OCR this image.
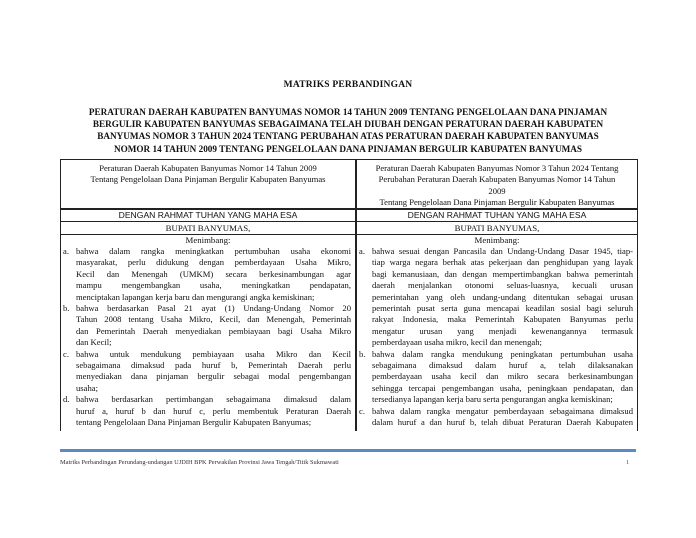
MATRIKS PERBANDINGAN
PERATURAN DAERAH KABUPATEN BANYUMAS NOMOR 14 TAHUN 2009 TENTANG PENGELOLAAN DANA PINJAMAN
BERGULIR KABUPATEN BANYUMAS SEBAGAIMANA TELAH DIUBAH DENGAN PERATURAN DAERAH KABUPATEN
BANYUMAS NOMOR 3 TAHUN 2024 TENTANG PERUBAHAN ATAS PERATURAN DAERAH KABUPATEN BANYUMAS
NOMOR 14 TAHUN 2009 TENTANG PENGELOLAAN DANA PINJAMAN BERGULIR KABUPATEN BANYUMAS
Peraturan Daerah Kabupaten Banyumas Nomor 14 Tahun 2009
Tentang Pengelolaan Dana Pinjaman Bergulir Kabupaten Banyumas
DENGAN RAHMAT TUHAN YANG MAHA ESA
BUPATI BANYUMAS,
Menimbang:
a. bahwa dalam rangka meningkatkan pertumbuhan usaha ekonomi
masyarakat, perlu didukung dengan pemberdayaan Usaha Mikro,
Kecil dan Menengah (UMKM) secara berkesinambungan agar
mampu mengembangkan usaha, meningkatkan pendapatan,
menciptakan lapangan kerja baru dan mengurangi angka kemiskinan;
b. bahwa berdasarkan Pasal 21 ayat (1) Undang-Undang Nomor 20
Tahun 2008 tentang Usaha Mikro, Kecil, dan Menengah, Pemerintah
dan Pemerintah Daerah menyediakan pembiayaan bagi Usaha Mikro
dan Kecil;
c. bahwa untuk mendukung pembiayaan usaha Mikro dan Kecil
sebagaimana dimaksud pada huruf b, Pemerintah Daerah perlu
menyediakan dana pinjaman bergulir sebagai modal pengembangan
usaha;
d. bahwa berdasarkan pertimbangan sebagaimana dimaksud dalam
huruf a, huruf b dan huruf c, perlu membentuk Peraturan Daerah
tentang Pengelolaan Dana Pinjaman Bergulir Kabupaten Banyumas;
Peraturan Daerah Kabupaten Banyumas Nomor 3 Tahun 2024 Tentang
Perubahan Peraturan Daerah Kabupaten Banyumas Nomor 14 Tahun
2009
Tentang Pengelolaan Dana Pinjaman Bergulir Kabupaten Banyumas
DENGAN RAHMAT TUHAN YANG MAHA ESA
BUPATI BANYUMAS,
Menimbang:
a. bahwa sesuai dengan Pancasila dan Undang-Undang Dasar 1945, tiap-
tiap warga negara berhak atas pekerjaan dan penghidupan yang layak
bagi kemanusiaan, dan dengan mempertimbangkan bahwa pemerintah
daerah menjalankan otonomi seluas-luasnya, kecuali urusan
pemerintahan yang oleh undang-undang ditentukan sebagai urusan
pemerintah pusat serta guna mencapai keadilan sosial bagi seluruh
rakyat Indonesia, maka Pemerintah Kabupaten Banyumas perlu
mengatur urusan yang menjadi kewenangannya termasuk
pemberdayaan usaha mikro, kecil dan menengah;
b. bahwa dalam rangka mendukung peningkatan pertumbuhan usaha
sebagaimana dimaksud dalam huruf a, telah dilaksanakan
pemberdayaan usaha kecil dan mikro secara berkesinambungan
sehingga tercapai pengembangan usaha, peningkaan pendapatan, dan
tersedianya lapangan kerja baru serta pengurangan angka kemiskinan;
c. bahwa dalam rangka mengatur pemberdayaan sebagaimana dimaksud
dalam huruf a dan huruf b, telah dibuat Peraturan Daerah Kabupaten
Matriks Perbandingan Perundang-undangan UJDIH BPK Perwakilan Provinsi Jawa Tengah/Titik Sukmawati	1
